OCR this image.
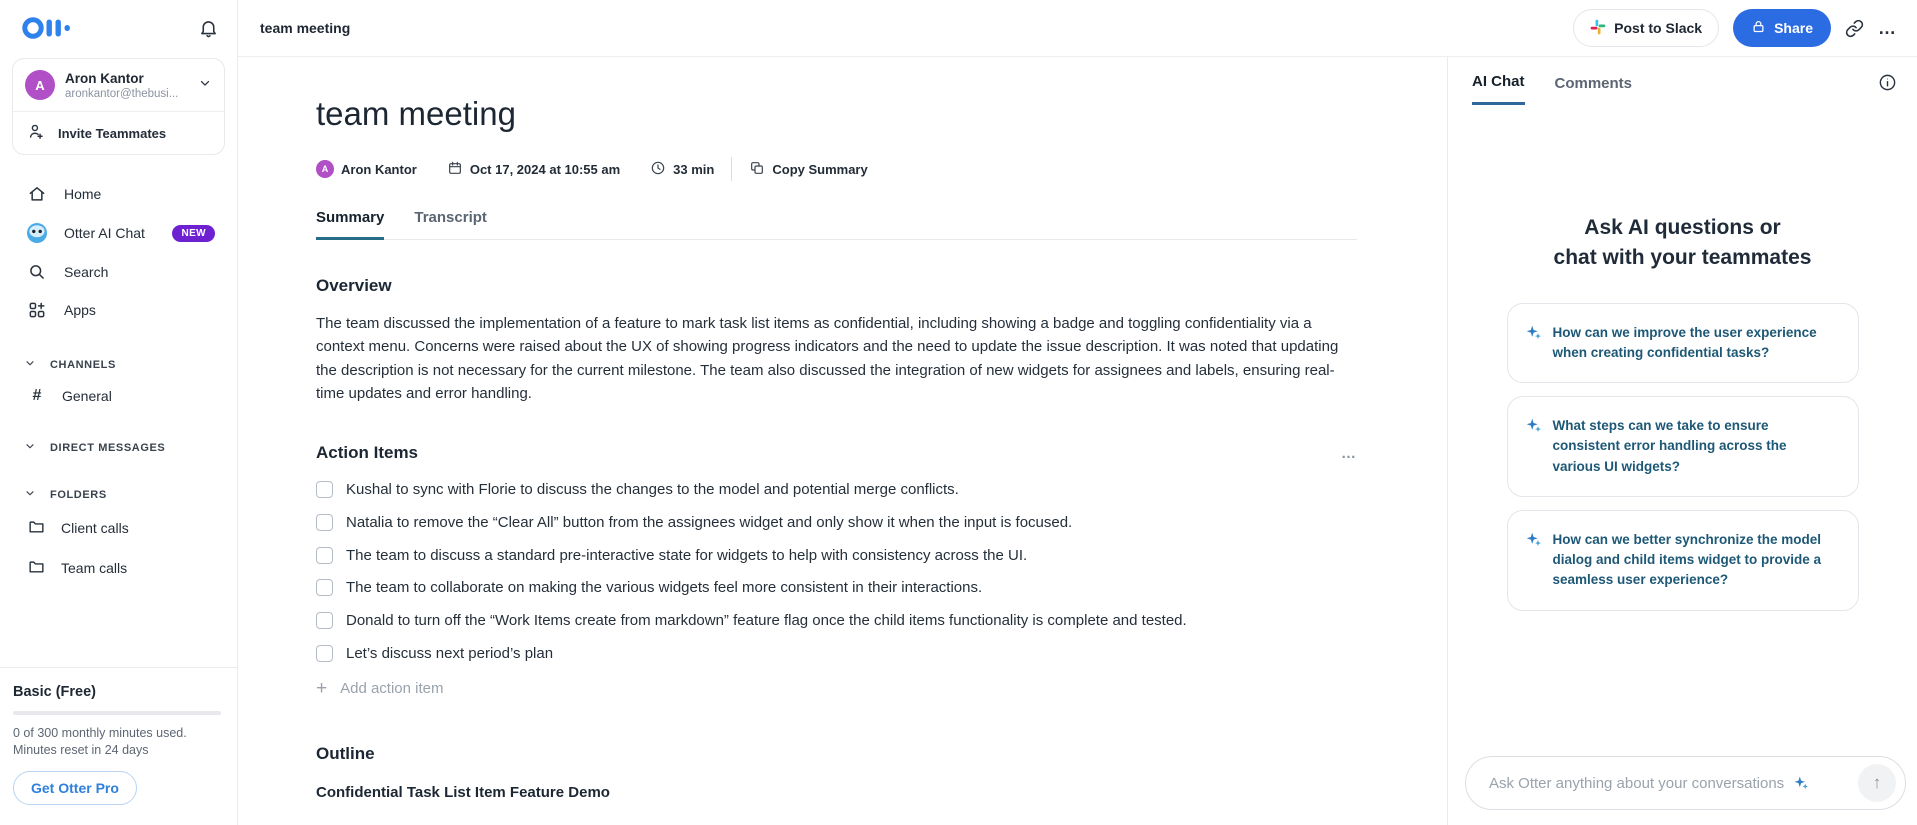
A	Aron Kantor
aronkantor@thebusi...
Invite Teammates
Home
Otter AI Chat	NEW
Search
Apps
CHANNELS
#	General
DIRECT MESSAGES
FOLDERS
Client calls
Team calls
Basic (Free)
0 of 300 monthly minutes used.
Minutes reset in 24 days
Get Otter Pro
team meeting	Post to Slack	Share	…
team meeting
A Aron Kantor	Oct 17, 2024 at 10:55 am	33 min	Copy Summary
Summary Transcript
Overview

The team discussed the implementation of a feature to mark task list items as confidential, including showing a badge and toggling confidentiality via a context menu. Concerns were raised about the UX of showing progress indicators and the need to update the issue description. It was noted that updating the description is not necessary for the current milestone. The team also discussed the integration of new widgets for assignees and labels, ensuring real-time updates and error handling.

Action Items	…
Kushal to sync with Florie to discuss the changes to the model and potential merge conflicts.
Natalia to remove the “Clear All” button from the assignees widget and only show it when the input is focused.
The team to discuss a standard pre-interactive state for widgets to help with consistency across the UI.
The team to collaborate on making the various widgets feel more consistent in their interactions.
Donald to turn off the “Work Items create from markdown” feature flag once the child items functionality is complete and tested.
Let’s discuss next period’s plan
+ Add action item
Outline
Confidential Task List Item Feature Demo
AI Chat Comments
Ask AI questions or
chat with your teammates
How can we improve the user experience when creating confidential tasks?
What steps can we take to ensure consistent error handling across the various UI widgets?
How can we better synchronize the model dialog and child items widget to provide a seamless user experience?
Ask Otter anything about your conversations	↑
